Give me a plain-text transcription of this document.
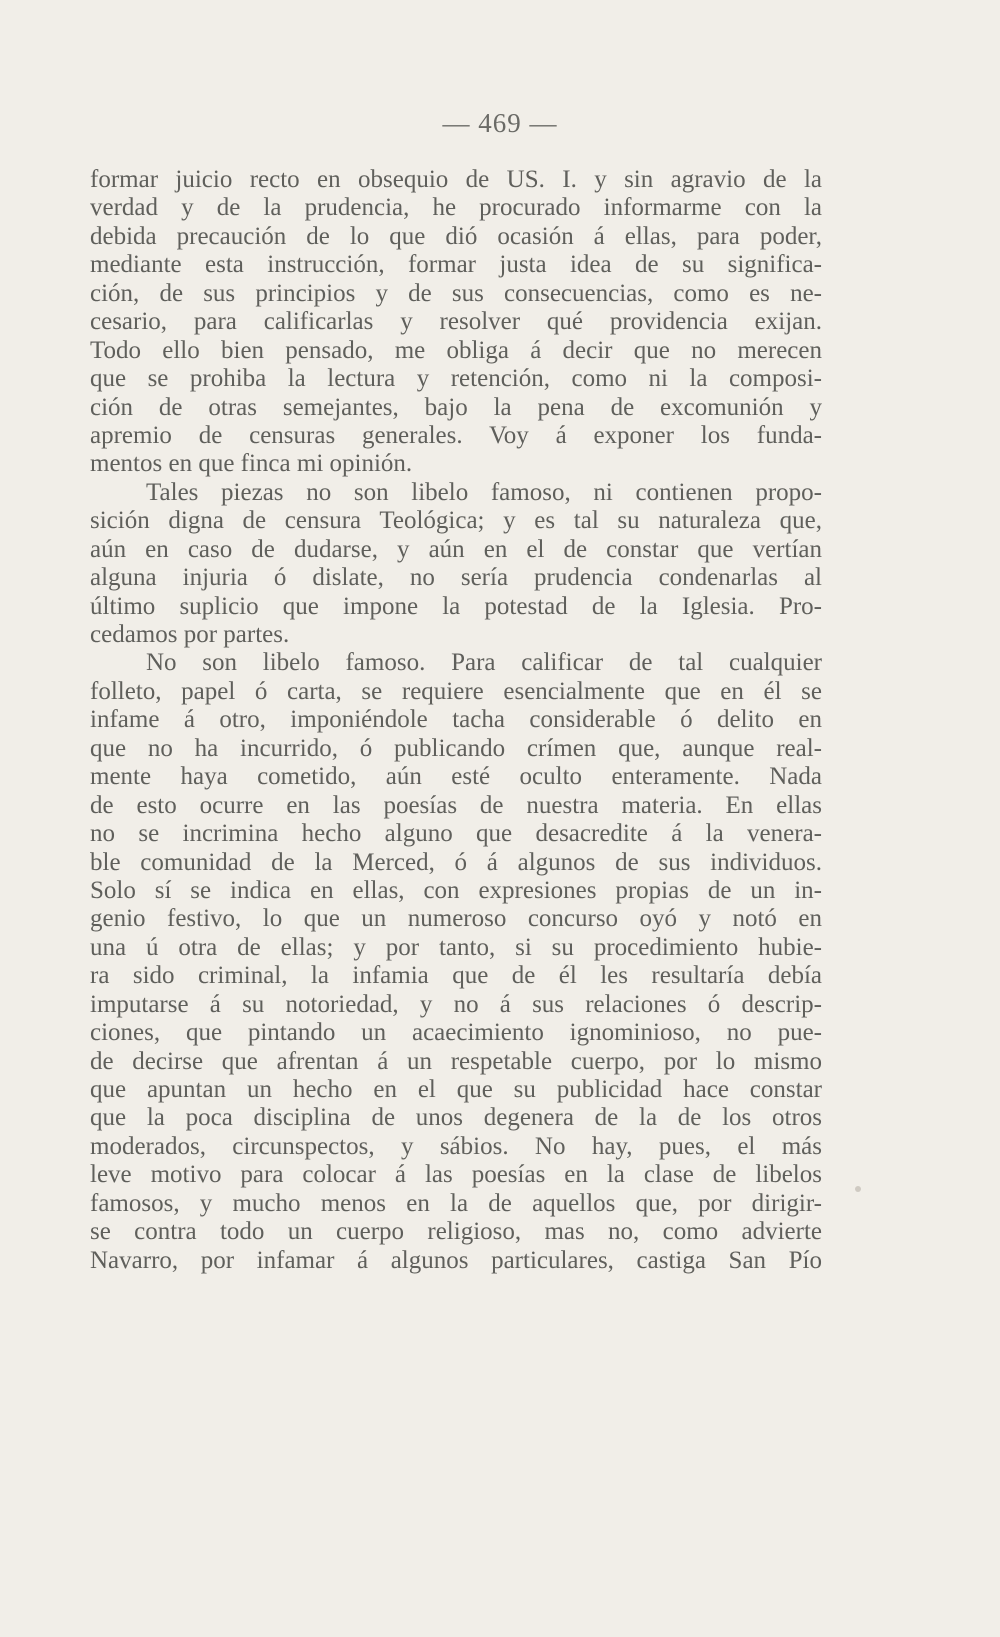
— 469 —
formar juicio recto en obsequio de US. I. y sin agravio de la
verdad y de la prudencia, he procurado informarme con la
debida precaución de lo que dió ocasión á ellas, para poder,
mediante esta instrucción, formar justa idea de su significa-
ción, de sus principios y de sus consecuencias, como es ne-
cesario, para calificarlas y resolver qué providencia exijan.
Todo ello bien pensado, me obliga á decir que no merecen
que se prohiba la lectura y retención, como ni la composi-
ción de otras semejantes, bajo la pena de excomunión y
apremio de censuras generales. Voy á exponer los funda-
mentos en que finca mi opinión.
Tales piezas no son libelo famoso, ni contienen propo-
sición digna de censura Teológica; y es tal su naturaleza que,
aún en caso de dudarse, y aún en el de constar que vertían
alguna injuria ó dislate, no sería prudencia condenarlas al
último suplicio que impone la potestad de la Iglesia. Pro-
cedamos por partes.
No son libelo famoso. Para calificar de tal cualquier
folleto, papel ó carta, se requiere esencialmente que en él se
infame á otro, imponiéndole tacha considerable ó delito en
que no ha incurrido, ó publicando crímen que, aunque real-
mente haya cometido, aún esté oculto enteramente. Nada
de esto ocurre en las poesías de nuestra materia. En ellas
no se incrimina hecho alguno que desacredite á la venera-
ble comunidad de la Merced, ó á algunos de sus individuos.
Solo sí se indica en ellas, con expresiones propias de un in-
genio festivo, lo que un numeroso concurso oyó y notó en
una ú otra de ellas; y por tanto, si su procedimiento hubie-
ra sido criminal, la infamia que de él les resultaría debía
imputarse á su notoriedad, y no á sus relaciones ó descrip-
ciones, que pintando un acaecimiento ignominioso, no pue-
de decirse que afrentan á un respetable cuerpo, por lo mismo
que apuntan un hecho en el que su publicidad hace constar
que la poca disciplina de unos degenera de la de los otros
moderados, circunspectos, y sábios. No hay, pues, el más
leve motivo para colocar á las poesías en la clase de libelos
famosos, y mucho menos en la de aquellos que, por dirigir-
se contra todo un cuerpo religioso, mas no, como advierte
Navarro, por infamar á algunos particulares, castiga San Pío
